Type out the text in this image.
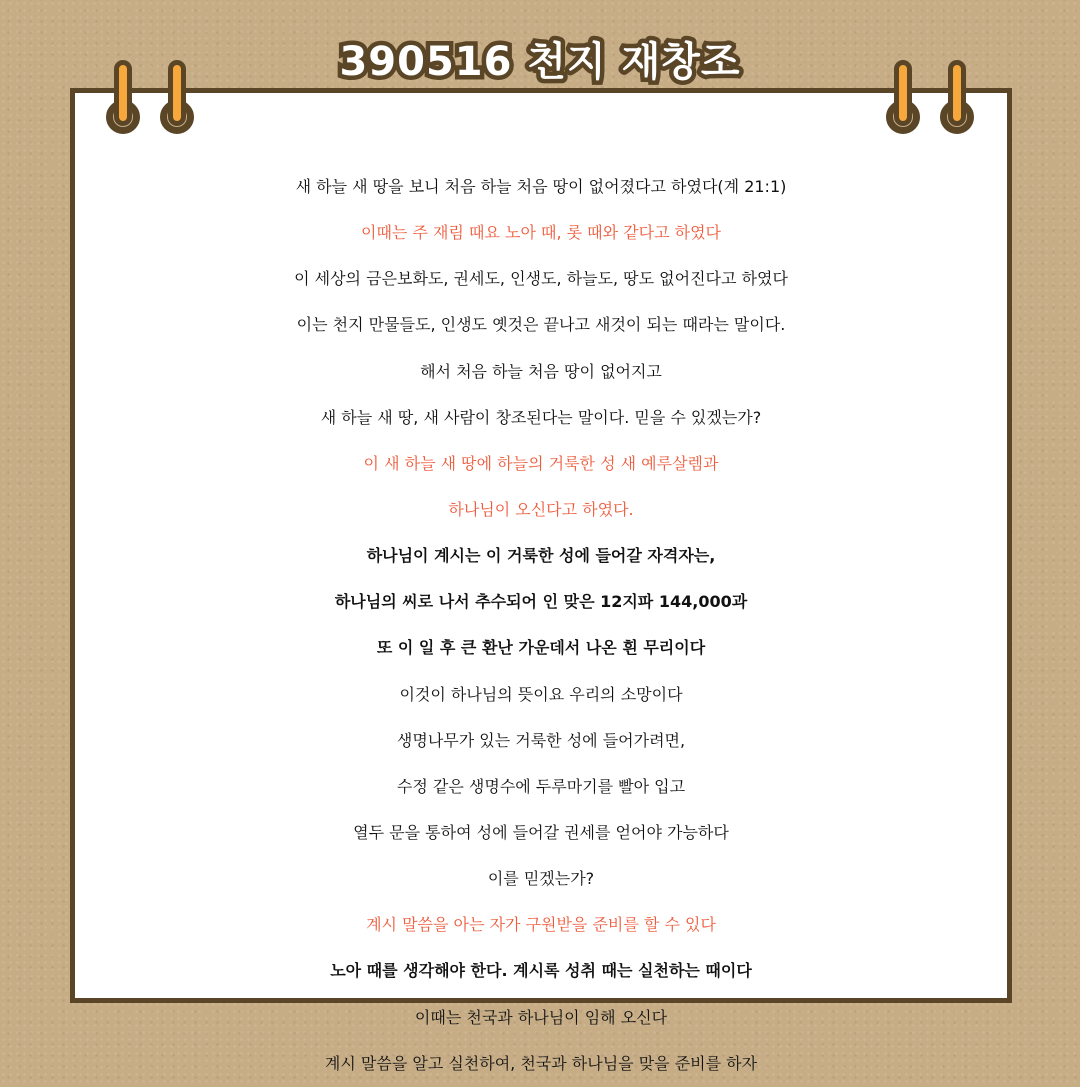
390516 천지 재창조
새 하늘 새 땅을 보니 처음 하늘 처음 땅이 없어졌다고 하였다(계 21:1)
이때는 주 재림 때요 노아 때, 롯 때와 같다고 하였다
이 세상의 금은보화도, 권세도, 인생도, 하늘도, 땅도 없어진다고 하였다
이는 천지 만물들도, 인생도 옛것은 끝나고 새것이 되는 때라는 말이다.
해서 처음 하늘 처음 땅이 없어지고
새 하늘 새 땅, 새 사람이 창조된다는 말이다. 믿을 수 있겠는가?
이 새 하늘 새 땅에 하늘의 거룩한 성 새 예루살렘과
하나님이 오신다고 하였다.
하나님이 계시는 이 거룩한 성에 들어갈 자격자는,
하나님의 씨로 나서 추수되어 인 맞은 12지파 144,000과
또 이 일 후 큰 환난 가운데서 나온 흰 무리이다
이것이 하나님의 뜻이요 우리의 소망이다
생명나무가 있는 거룩한 성에 들어가려면,
수정 같은 생명수에 두루마기를 빨아 입고
열두 문을 통하여 성에 들어갈 권세를 얻어야 가능하다
이를 믿겠는가?
계시 말씀을 아는 자가 구원받을 준비를 할 수 있다
노아 때를 생각해야 한다. 계시록 성취 때는 실천하는 때이다
이때는 천국과 하나님이 임해 오신다
계시 말씀을 알고 실천하여, 천국과 하나님을 맞을 준비를 하자
